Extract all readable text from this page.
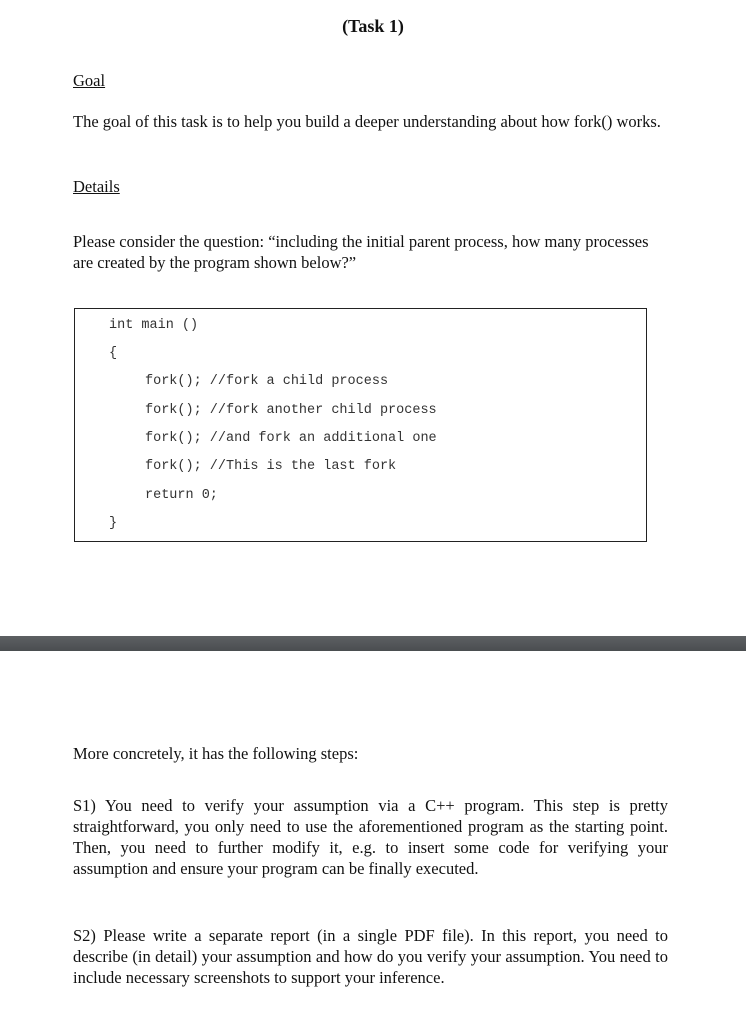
(Task 1)
Goal
The goal of this task is to help you build a deeper understanding about how fork() works.
Details
Please consider the question: “including the initial parent process, how many processes are created by the program shown below?”
int main ()
{
fork(); //fork a child process
fork(); //fork another child process
fork(); //and fork an additional one
fork(); //This is the last fork
return 0;
}
More concretely, it has the following steps:
S1) You need to verify your assumption via a C++ program. This step is pretty straightforward, you only need to use the aforementioned program as the starting point. Then, you need to further modify it, e.g. to insert some code for verifying your assumption and ensure your program can be finally executed.
S2) Please write a separate report (in a single PDF file). In this report, you need to describe (in detail) your assumption and how do you verify your assumption. You need to include necessary screenshots to support your inference.
